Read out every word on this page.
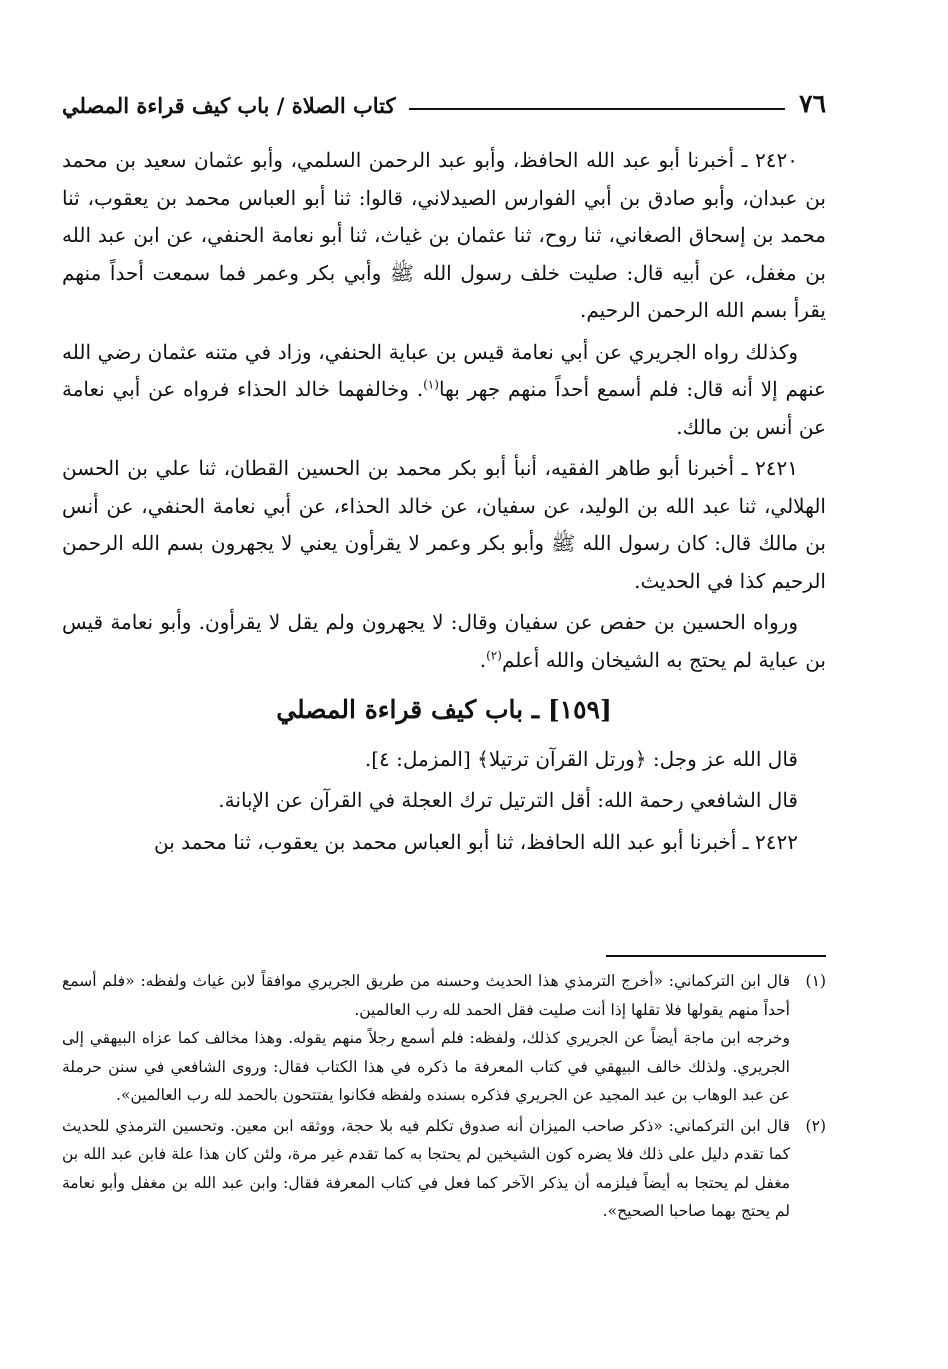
٧٦
كتاب الصلاة / باب كيف قراءة المصلي

٢٤٢٠ ـ أخبرنا أبو عبد الله الحافظ، وأبو عبد الرحمن السلمي، وأبو عثمان سعيد بن محمد بن عبدان، وأبو صادق بن أبي الفوارس الصيدلاني، قالوا: ثنا أبو العباس محمد بن يعقوب، ثنا محمد بن إسحاق الصغاني، ثنا روح، ثنا عثمان بن غياث، ثنا أبو نعامة الحنفي، عن ابن عبد الله بن مغفل، عن أبيه قال: صليت خلف رسول الله ﷺ وأبي بكر وعمر فما سمعت أحداً منهم يقرأ بسم الله الرحمن الرحيم.

وكذلك رواه الجريري عن أبي نعامة قيس بن عباية الحنفي، وزاد في متنه عثمان رضي الله عنهم إلا أنه قال: فلم أسمع أحداً منهم جهر بها$^{(١)}$. وخالفهما خالد الحذاء فرواه عن أبي نعامة عن أنس بن مالك.

٢٤٢١ ـ أخبرنا أبو طاهر الفقيه، أنبأ أبو بكر محمد بن الحسين القطان، ثنا علي بن الحسن الهلالي، ثنا عبد الله بن الوليد، عن سفيان، عن خالد الحذاء، عن أبي نعامة الحنفي، عن أنس بن مالك قال: كان رسول الله ﷺ وأبو بكر وعمر لا يقرأون يعني لا يجهرون بسم الله الرحمن الرحيم كذا في الحديث.

ورواه الحسين بن حفص عن سفيان وقال: لا يجهرون ولم يقل لا يقرأون. وأبو نعامة قيس بن عباية لم يحتج به الشيخان والله أعلم$^{(٢)}$.

[١٥٩] ـ باب كيف قراءة المصلي

قال الله عز وجل: ﴿ورتل القرآن ترتيلا﴾ [المزمل: ٤].

قال الشافعي رحمة الله: أقل الترتيل ترك العجلة في القرآن عن الإبانة.

٢٤٢٢ ـ أخبرنا أبو عبد الله الحافظ، ثنا أبو العباس محمد بن يعقوب، ثنا محمد بن

(١)

قال ابن التركماني: «أخرج الترمذي هذا الحديث وحسنه من طريق الجريري موافقاً لابن غياث ولفظه: «فلم أسمع أحداً منهم يقولها فلا تقلها إذا أنت صليت فقل الحمد لله رب العالمين.

وخرجه ابن ماجة أيضاً عن الجريري كذلك، ولفظه: فلم أسمع رجلاً منهم يقوله. وهذا مخالف كما عزاه البيهقي إلى الجريري. ولذلك خالف البيهقي في كتاب المعرفة ما ذكره في هذا الكتاب فقال: وروى الشافعي في سنن حرملة عن عبد الوهاب بن عبد المجيد عن الجريري فذكره بسنده ولفظه فكانوا يفتتحون بالحمد لله رب العالمين».

(٢)

قال ابن التركماني: «ذكر صاحب الميزان أنه صدوق تكلم فيه بلا حجة، ووثقه ابن معين. وتحسين الترمذي للحديث كما تقدم دليل على ذلك فلا يضره كون الشيخين لم يحتجا به كما تقدم غير مرة، ولئن كان هذا علة فابن عبد الله بن مغفل لم يحتجا به أيضاً فيلزمه أن يذكر الآخر كما فعل في كتاب المعرفة فقال: وابن عبد الله بن مغفل وأبو نعامة لم يحتج بهما صاحبا الصحيح».
